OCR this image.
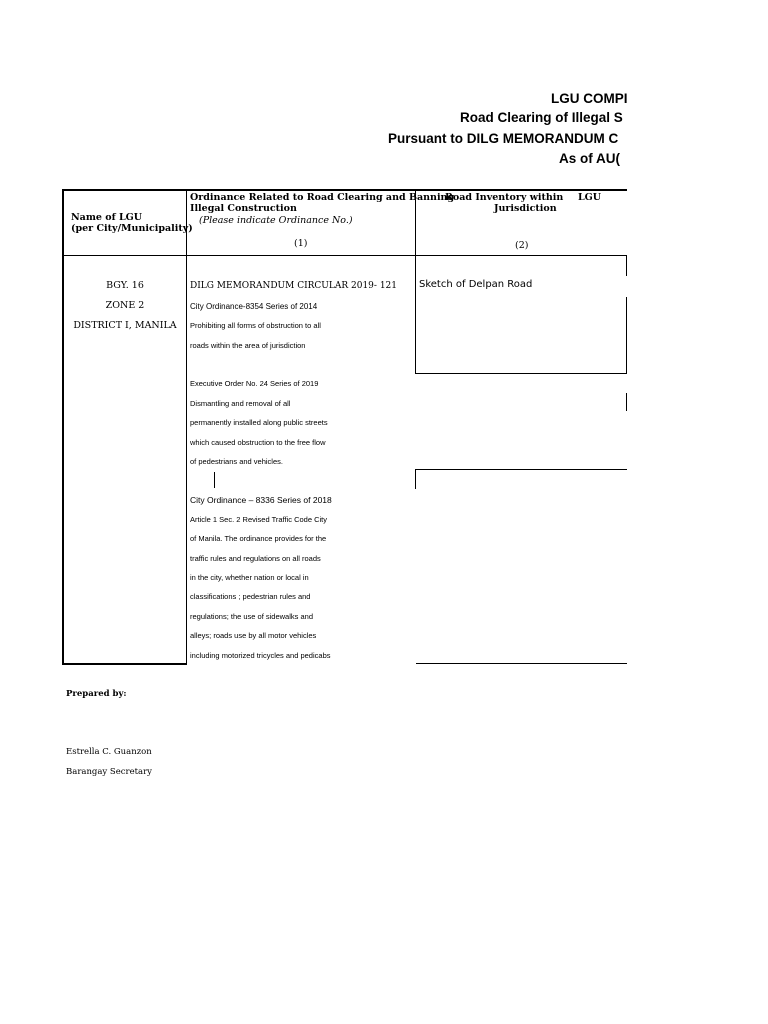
LGU COMPI
Road Clearing of Illegal S
Pursuant to DILG MEMORANDUM C
As of AU(
Name of LGU
(per City/Municipality)
Ordinance Related to Road Clearing and Banning
Illegal Construction
(Please indicate Ordinance No.)
(1)
Road Inventory within LGU
Jurisdiction
(2)
BGY. 16
ZONE 2
DISTRICT I, MANILA
DILG MEMORANDUM CIRCULAR 2019- 121
City Ordinance-8354 Series of 2014
Prohibiting all forms of obstruction to all
roads within the area of jurisdiction
Executive Order No. 24 Series of 2019
Dismantling and removal of all
permanently installed along public streets
which caused obstruction to the free flow
of pedestrians and vehicles.
City Ordinance – 8336 Series of 2018
Article 1 Sec. 2 Revised Traffic Code City
of Manila. The ordinance provides for the
traffic rules and regulations on all roads
in the city, whether nation or local in
classifications ; pedestrian rules and
regulations; the use of sidewalks and
alleys; roads use by all motor vehicles
including motorized tricycles and pedicabs
Sketch of Delpan Road
Prepared by:
Estrella C. Guanzon
Barangay Secretary
